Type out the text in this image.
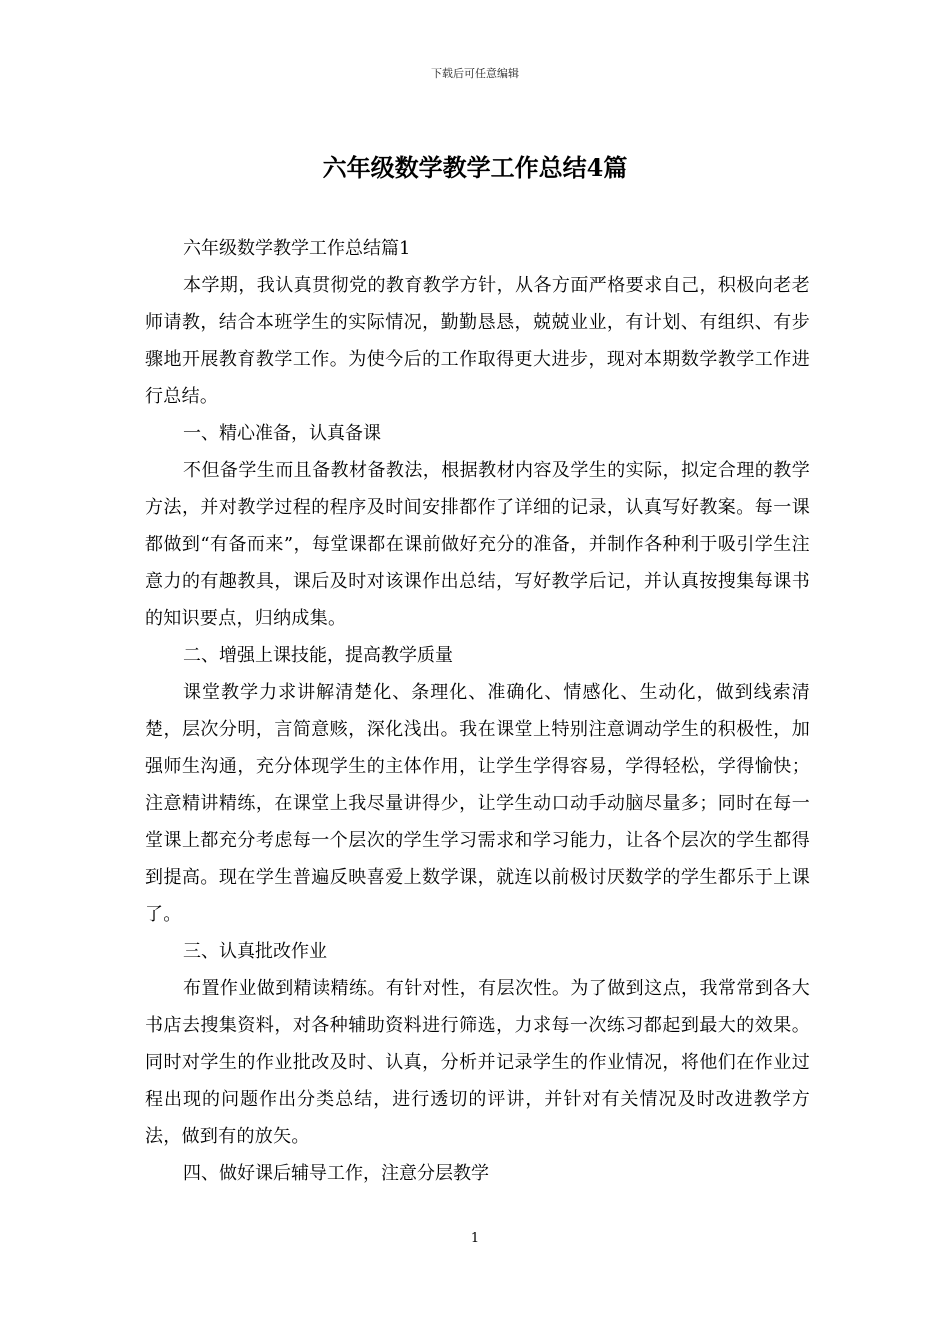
下载后可任意编辑
六年级数学教学工作总结4篇

六年级数学教学工作总结篇1

本学期，我认真贯彻党的教育教学方针，从各方面严格要求自己，积极向老老师请教，结合本班学生的实际情况，勤勤恳恳，兢兢业业，有计划、有组织、有步骤地开展教育教学工作。为使今后的工作取得更大进步，现对本期数学教学工作进行总结。

一、精心准备，认真备课

不但备学生而且备教材备教法，根据教材内容及学生的实际，拟定合理的教学方法，并对教学过程的程序及时间安排都作了详细的记录，认真写好教案。每一课都做到“有备而来”，每堂课都在课前做好充分的准备，并制作各种利于吸引学生注意力的有趣教具，课后及时对该课作出总结，写好教学后记，并认真按搜集每课书的知识要点，归纳成集。

二、增强上课技能，提高教学质量

课堂教学力求讲解清楚化、条理化、准确化、情感化、生动化，做到线索清楚，层次分明，言简意赅，深化浅出。我在课堂上特别注意调动学生的积极性，加强师生沟通，充分体现学生的主体作用，让学生学得容易，学得轻松，学得愉快；注意精讲精练，在课堂上我尽量讲得少，让学生动口动手动脑尽量多；同时在每一堂课上都充分考虑每一个层次的学生学习需求和学习能力，让各个层次的学生都得到提高。现在学生普遍反映喜爱上数学课，就连以前极讨厌数学的学生都乐于上课了。

三、认真批改作业

布置作业做到精读精练。有针对性，有层次性。为了做到这点，我常常到各大书店去搜集资料，对各种辅助资料进行筛选，力求每一次练习都起到最大的效果。同时对学生的作业批改及时、认真，分析并记录学生的作业情况，将他们在作业过程出现的问题作出分类总结，进行透切的评讲，并针对有关情况及时改进教学方法，做到有的放矢。

四、做好课后辅导工作，注意分层教学

1
